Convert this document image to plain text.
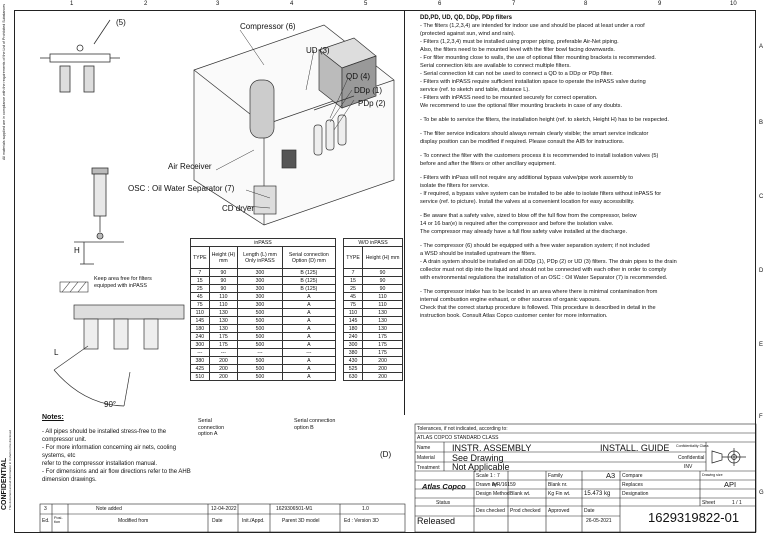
1	2	3	4	5	6	7	8	9	10
A
B
C
D
E
F
G
All materials supplied are in compliance with the requirements of the List of Prohibited Substances
CONFIDENTIAL This document and all information in it shall not be disclosed
(5)	Compressor (6)
UD (3)
QD (4)
DDp (1)
PDp (2)
Air Receiver
OSC : Oil Water Separator (7)
CD dryer
H
L
90°
Keep area free for filters equipped with inPASS
Serial connection option A
Serial connection option B
(D)
inPASS			
TYPE	Height (H) mm	Length (L) mm Only inPASS	Serial connection Option (D) mm
7	90	300	B (125)
15	90	300	B (125)
25	90	300	B (125)
45	110	300	A
75	110	300	A
110	130	500	A
145	130	500	A
180	130	500	A
240	175	500	A
300	175	500	A
---	---	---	---
380	200	500	A
425	200	500	A
510	200	500	A
W/O inPASS	
TYPE	Height (H) mm
7	90
15	90
25	90
45	110
75	110
110	130
145	130
180	130
240	175
300	175
380	175
430	200
525	200
630	200
DD,PD, UD, QD, DDp, PDp filters
- The filters (1,2,3,4) are intended for indoor use and should be placed at least under a roof
(protected against sun, wind and rain).
- Filters (1,2,3,4) must be installed using proper piping, preferable Air-Net piping.
Also, the filters need to be mounted level with the filter bowl facing downwards.
- For filter mounting close to walls, the use of optional filter mounting brackets is recommended.
Serial connection kits are available to connect multiple filters.
- Serial connection kit can not be used to connect a QD to a DDp or PDp filter.
- Filters with inPASS require sufficient installation space to operate the inPASS valve during
service (ref. to sketch and table, distance L).
- Filters with inPASS need to be mounted securely for correct operation.
We recommend to use the optional filter mounting brackets in case of any doubts.
- To be able to service the filters, the installation height (ref. to sketch, Height H) has to be respected.
- The filter service indicators should always remain clearly visible; the smart service indicator
display position can be modified if required. Please consult the AIB for instructions.
- To connect the filter with the customers process it is recommended to install isolation valves (5)
before and after the filters or other ancillary equipment.
- Filters with inPass will not require any additional bypass valve/pipe work assembly to
isolate the filters for service.
- If required, a bypass valve system can be installed to be able to isolate filters without inPASS for
service (ref. to picture). Install the valves at a convenient location for easy accessibility.
- Be aware that a safety valve, sized to blow off the full flow from the compressor, below
14 or 16 bar(e) is required after the compressor and before the isolation valve.
The compressor may already have a full flow safety valve installed at the discharge.
- The compressor (6) should be equipped with a free water separation system; if not included
a WSD should be installed upstream the filters.
- A drain system should be installed on all DDp (1), PDp (2) or UD (3) filters. The drain pipes to the drain
collector must not dip into the liquid and should not be connected with each other in order to comply
with environmental regulations the installation of an OSC : Oil Water Separator (7) is recommended.
- The compressor intake has to be located in an area where there is minimal contamination from
internal combustion engine exhaust, or other sources of organic vapours.
Check that the correct startup procedure is followed. This procedure is described in detail in the
instruction book. Consult Atlas Copco customer center for more information.
Notes:
- All pipes should be installed stress-free to the
compressor unit.
- For more information concerning air nets, cooling
systems, etc
refer to the compressor installation manual.
- For dimensions and air flow directions refer to the AHB
dimension drawings.
Tolerances, if not indicated, according to:
ATLAS COPCO STANDARD CLASS
Name INSTR. ASSEMBLY	INSTALL. GUIDE
Material See Drawing
Treatment Not Applicable
Confidentiality Class
Confidential
INV
Scale 1 : 7	Family	A3 Compare	Drawing size
API
Atlas Copco Drawn by
A/R/16159	Blank nr.	Replaces
Design Method Blank wt.	Kg Fin wt. 15.473 kg Designation
Sheet	1 / 1
Status
Released
Des checked Prod checked Approved	Date
26-05-2021	1629319822-01
3	Note added	12-04-2022	1629306501-M1	1.0
Ed. Posi-tion	Modified from	Date	Init./Appd.	Parent 3D model	Ed : Version 3D
